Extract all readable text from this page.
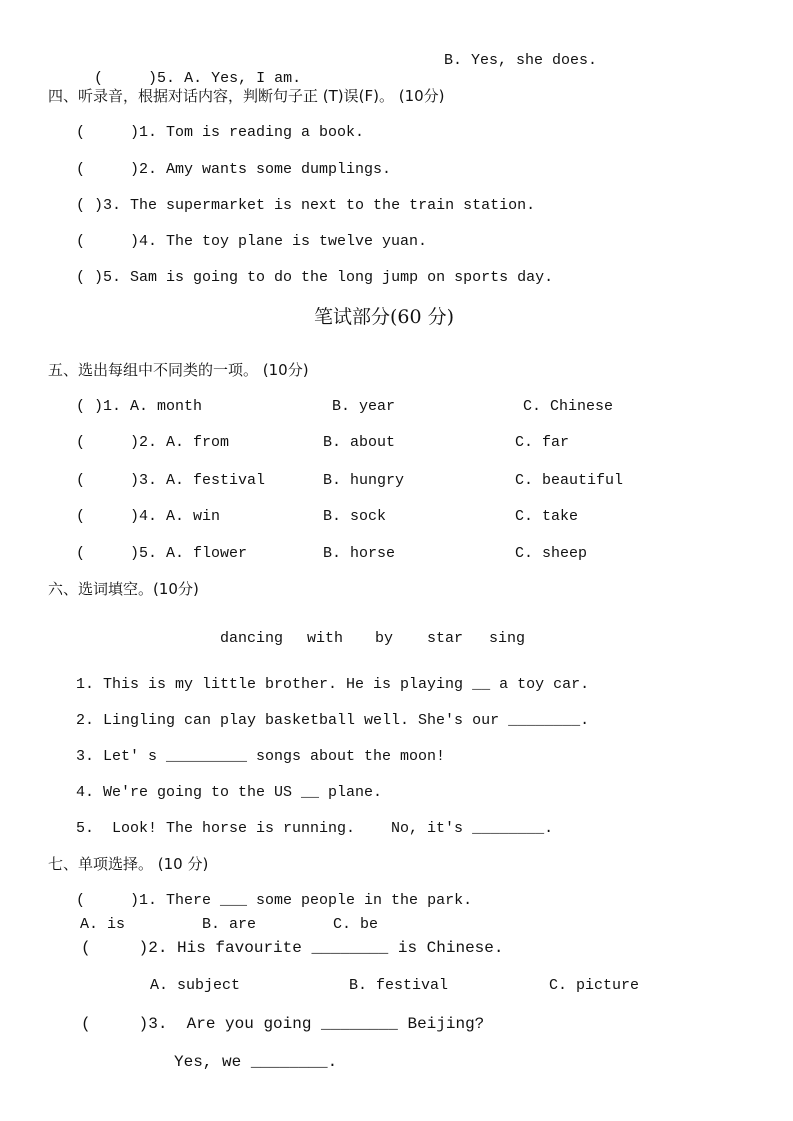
(     )5. A. Yes, I am.

B. Yes, she does.
四、听录音，根据对话内容，判断句子正 (T)误(F)。 (10分)
(     )1. Tom is reading a book.
(     )2. Amy wants some dumplings.
( )3. The supermarket is next to the train station.
(     )4. The toy plane is twelve yuan.
( )5. Sam is going to do the long jump on sports day.
笔试部分(60 分)
五、选出每组中不同类的一项。 (10分)
( )1. A. month	B. year	C. Chinese
(     )2. A. from	B. about	C. far
(     )3. A. festival	B. hungry	C. beautiful
(     )4. A. win	B. sock	C. take
(     )5. A. flower	B. horse	C. sheep
六、选词填空。(10分)
dancing with by star sing
1. This is my little brother. He is playing __ a toy car.
2. Lingling can play basketball well. She's our ________.
3. Let' s _________ songs about the moon!
4. We're going to the US __ plane.
5.  Look! The horse is running.    No, it's ________.
七、单项选择。 (10 分)
(     )1. There ___ some people in the park.
A. is	B. are	C. be
(     )2. His favourite ________ is Chinese.
A. subject	B. festival	C. picture
(     )3.  Are you going ________ Beijing?
Yes, we ________.
